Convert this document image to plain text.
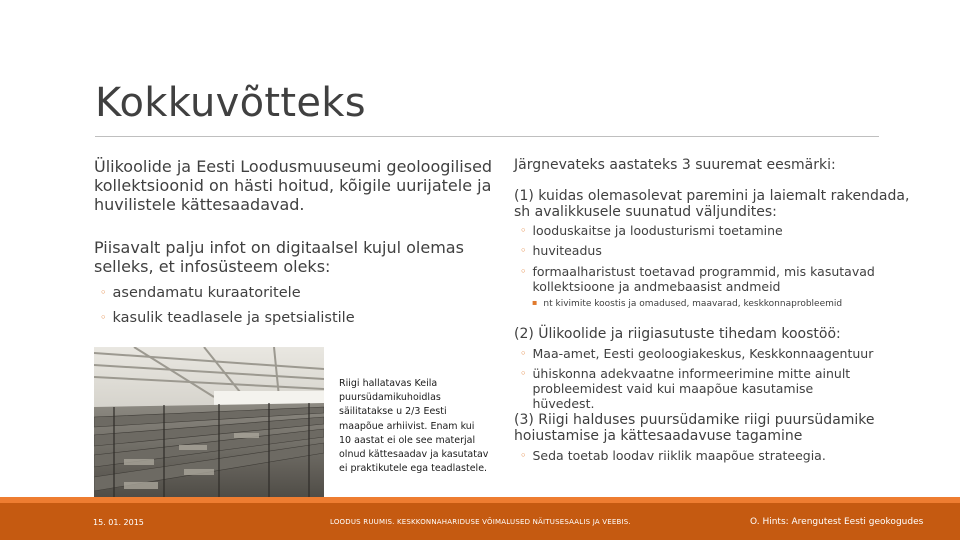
Kokkuvõtteks

Ülikoolide ja Eesti Loodusmuuseumi geoloogilised kollektsioonid on hästi hoitud, kõigile uurijatele ja huvilistele kättesaadavad.

Piisavalt palju infot on digitaalsel kujul olemas selleks, et infosüsteem oleks:

◦ asendamatu kuraatoritele

◦ kasulik teadlasele ja spetsialistile

Riigi hallatavas Keila puursüdamikuhoidlas säilitatakse u 2/3 Eesti maapõue arhiivist. Enam kui 10 aastat ei ole see materjal olnud kättesaadav ja kasutatav ei praktikutele ega teadlastele.

Järgnevateks aastateks 3 suuremat eesmärki:

(1) kuidas olemasolevat paremini ja laiemalt rakendada, sh avalikkusele suunatud väljundites:

◦ looduskaitse ja loodusturismi toetamine

◦ huviteadus

◦ formaalharistust toetavad programmid, mis kasutavad kollektsioone ja andmebaasist andmeid

▪ nt kivimite koostis ja omadused, maavarad, keskkonnaprobleemid

(2) Ülikoolide ja riigiasutuste tihedam koostöö:

◦ Maa-amet, Eesti geoloogiakeskus, Keskkonnaagentuur

◦ ühiskonna adekvaatne informeerimine mitte ainult probleemidest vaid kui maapõue kasutamise hüvedest.

(3) Riigi halduses puursüdamike riigi puursüdamike hoiustamise ja kättesaadavuse tagamine

◦ Seda toetab loodav riiklik maapõue strateegia.

15. 01. 2015	LOODUS RUUMIS. KESKKONNAHARIDUSE VÕIMALUSED NÄITUSESAALIS JA VEEBIS.	O. Hints: Arengutest Eesti geokogudes
